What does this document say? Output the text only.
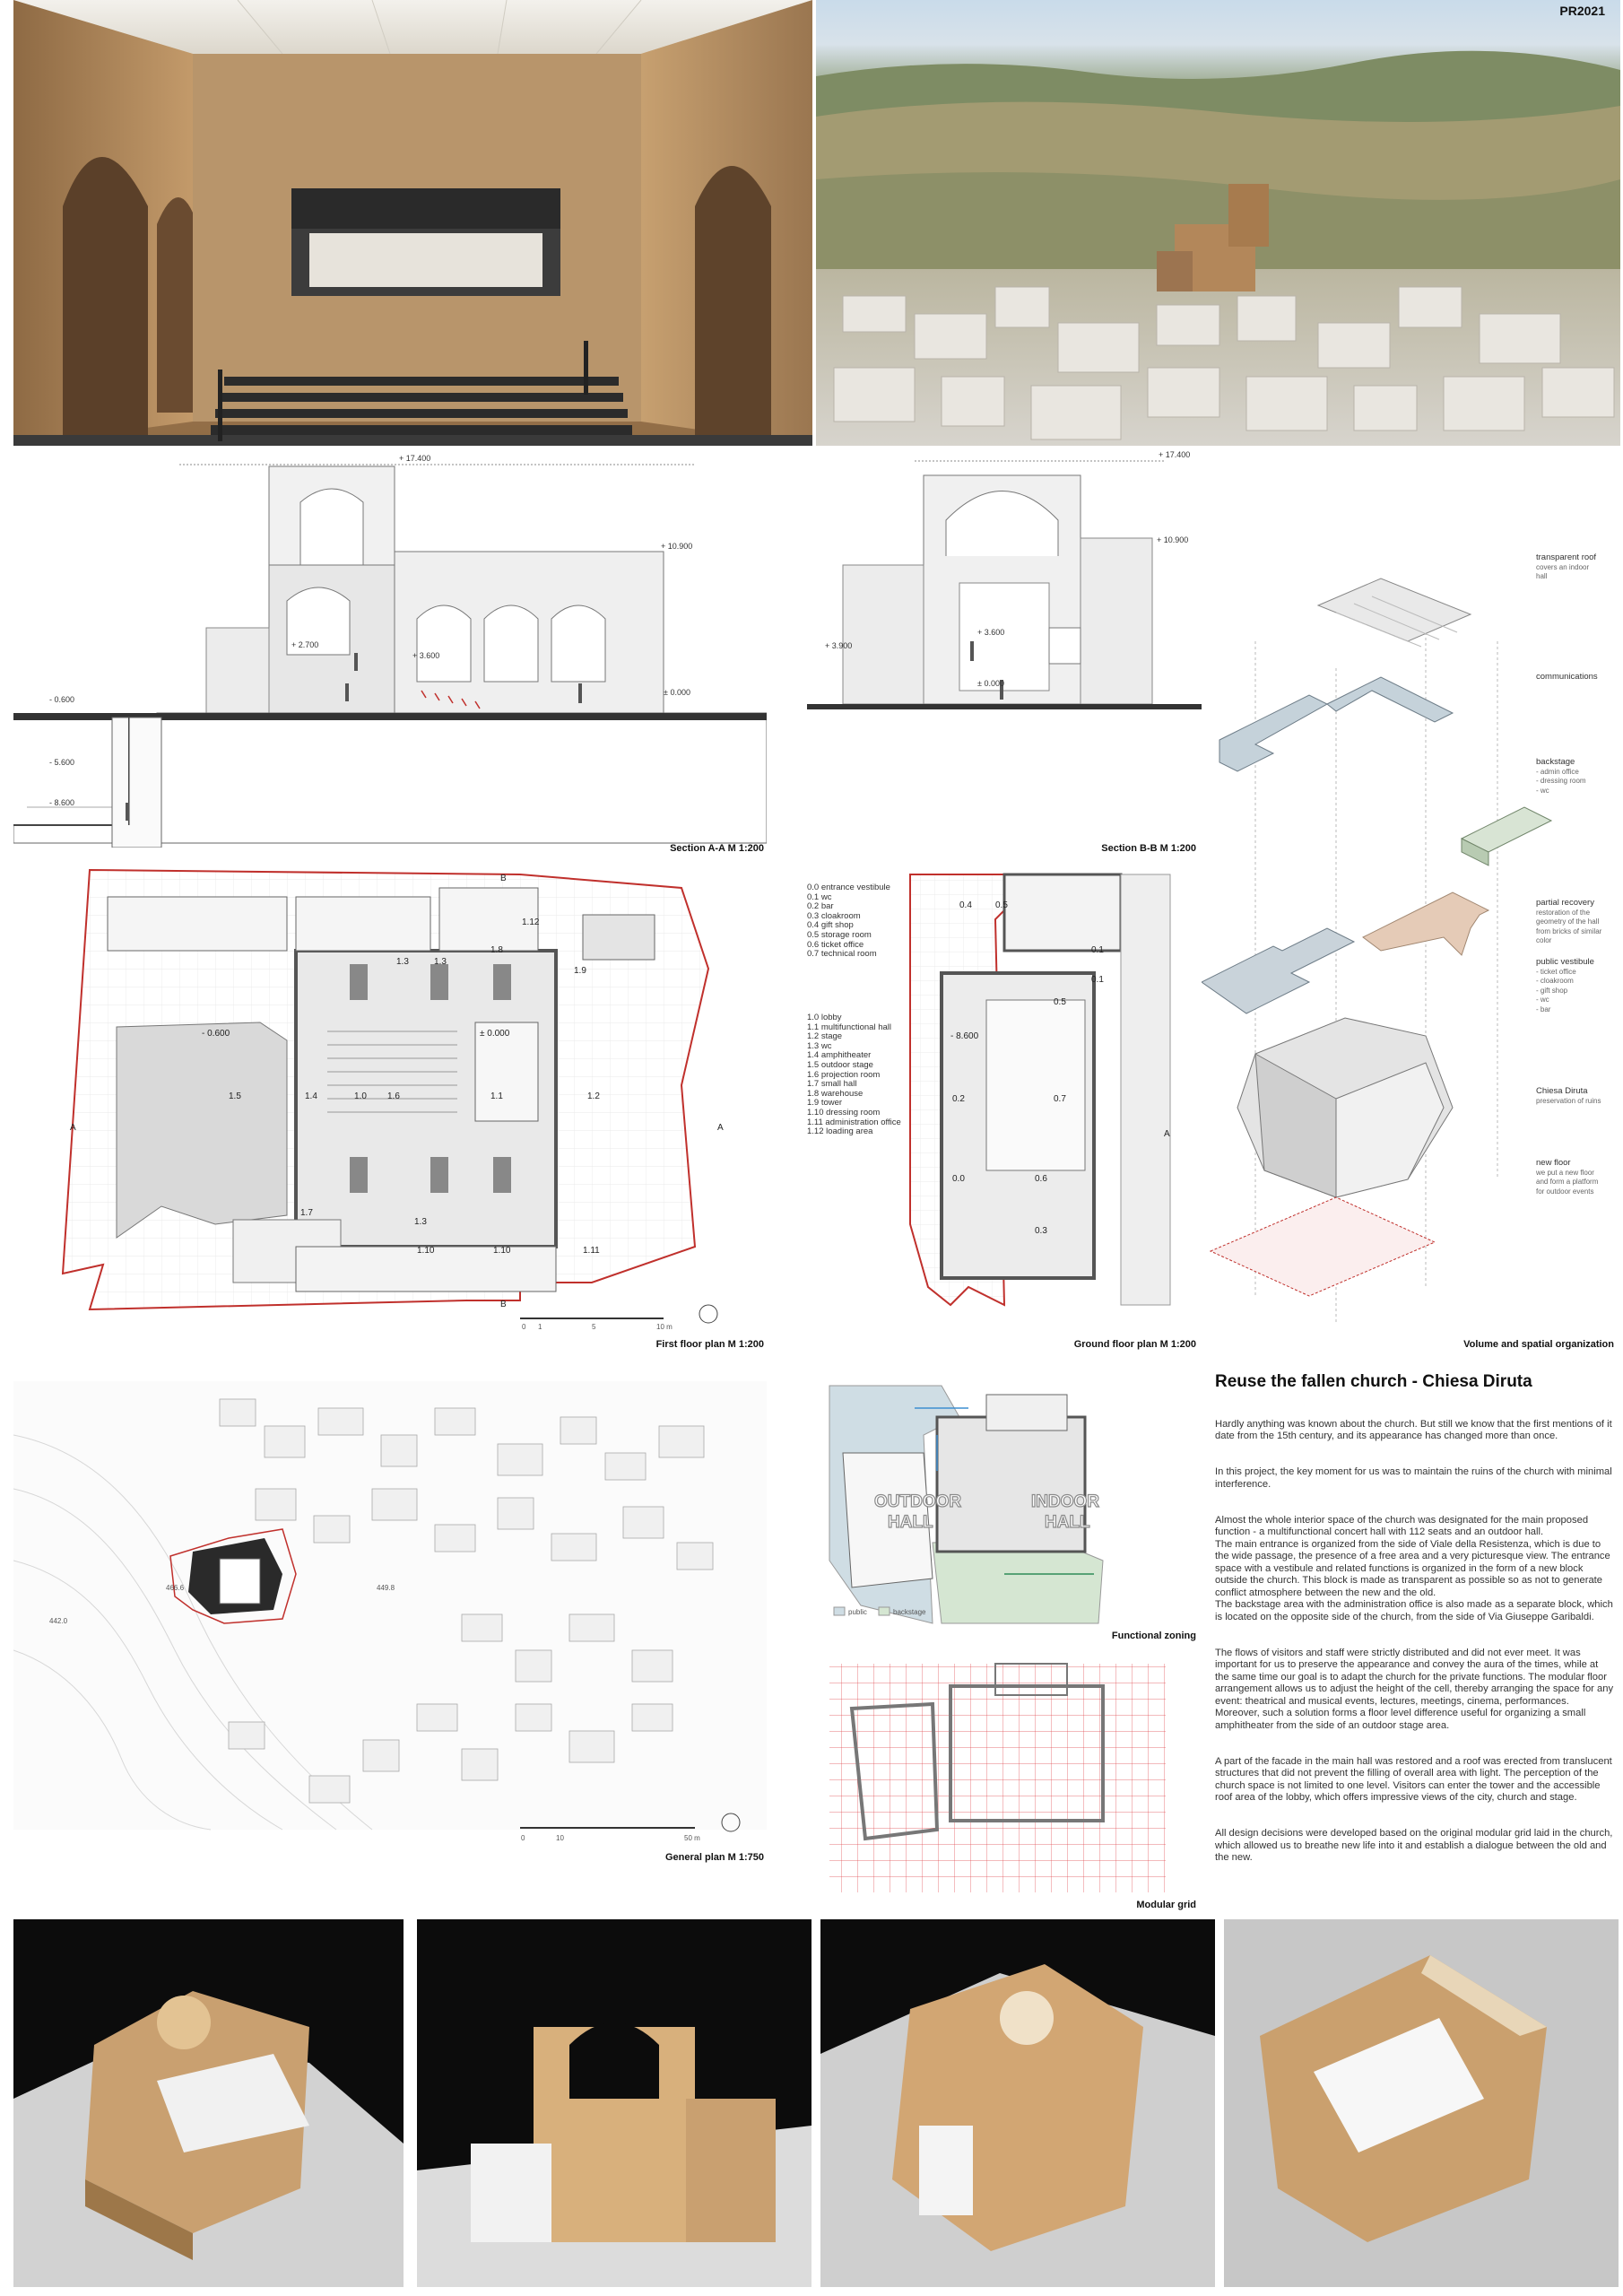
PR2021
+ 17.400
+ 10.900
+ 3.600
+ 2.700
- 0.600
- 5.600
- 8.600
± 0.000
Section A-A M 1:200
+ 17.400
+ 10.900
+ 3.900
+ 3.600
± 0.000
Section B-B M 1:200
transparent roof
covers an indoor
hall
communications
backstage
- admin office
- dressing room
- wc
partial recovery
restoration of the
geometry of the hall
from bricks of similar
color
public vestibule
- ticket office
- cloakroom
- gift shop
- wc
- bar
Chiesa Diruta
preservation of ruins
new floor
we put a new floor
and form a platform
for outdoor events
Volume and spatial organization
1.12
1.3	1.3
1.8
1.9
- 0.600	± 0.000
1.5	1.4	1.0 1.6	1.1	1.2
1.7
1.3
1.10	1.10	1.11
B
B
A	A
0 1	5	10 m
First floor plan M 1:200
0.0 entrance vestibule
0.1 wc
0.2 bar
0.3 cloakroom
0.4 gift shop
0.5 storage room
0.6 ticket office
0.7 technical room
1.0 lobby
1.1 multifunctional hall
1.2 stage
1.3 wc
1.4 amphitheater
1.5 outdoor stage
1.6 projection room
1.7 small hall
1.8 warehouse
1.9 tower
1.10 dressing room
1.11 administration office
1.12 loading area
0.4	0.5
0.1
0.1
0.5
- 8.600
0.2	0.7
0.0	0.6
0.3
A
Ground floor plan M 1:200
442.0
466.6	449.8
0	10	50 m
General plan M 1:750
OUTDOOR
HALL
INDOOR
HALL
public	backstage
Functional zoning
Modular grid
Reuse the fallen church - Chiesa Diruta

Hardly anything was known about the church. But still we know that the first mentions of it date from the 15th century, and its appearance has changed more than once.

In this project, the key moment for us was to maintain the ruins of the church with minimal interference.

Almost the whole interior space of the church was designated for the main proposed function - a multifunctional concert hall with 112 seats and an outdoor hall.
The main entrance is organized from the side of Viale della Resistenza, which is due to the wide passage, the presence of a free area and a very picturesque view. The entrance space with a vestibule and related functions is organized in the form of a new block outside the church. This block is made as transparent as possible so as not to generate conflict atmosphere between the new and the old.
The backstage area with the administration office is also made as a separate block, which is located on the opposite side of the church, from the side of Via Giuseppe Garibaldi.

The flows of visitors and staff were strictly distributed and did not ever meet. It was important for us to preserve the appearance and convey the aura of the times, while at the same time our goal is to adapt the church for the private functions. The modular floor arrangement allows us to adjust the height of the cell, thereby arranging the space for any event: theatrical and musical events, lectures, meetings, cinema, performances. Moreover, such a solution forms a floor level difference useful for organizing a small amphitheater from the side of an outdoor stage area.

A part of the facade in the main hall was restored and a roof was erected from translucent structures that did not prevent the filling of overall area with light. The perception of the church space is not limited to one level. Visitors can enter the tower and the accessible roof area of the lobby, which offers impressive views of the city, church and stage.

All design decisions were developed based on the original modular grid laid in the church, which allowed us to breathe new life into it and establish a dialogue between the old and the new.
